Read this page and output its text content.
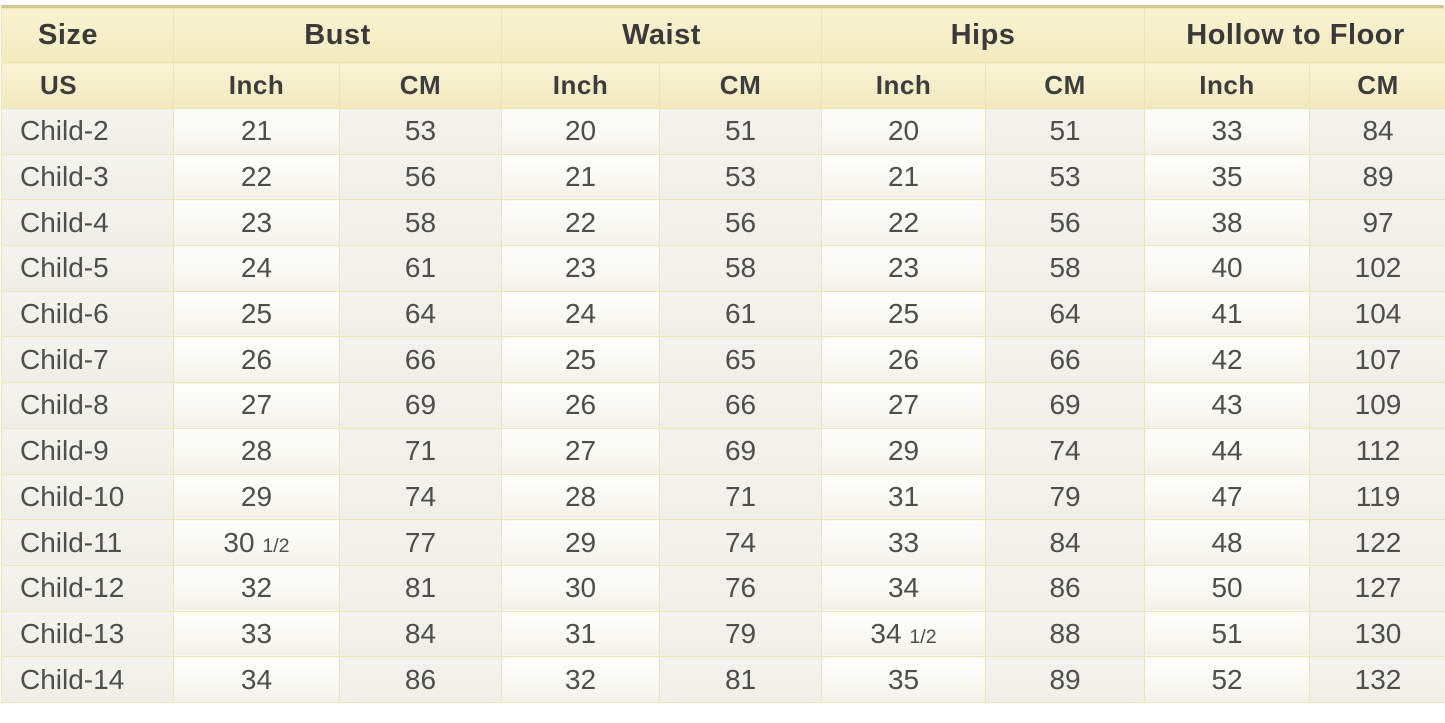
Size	Bust		Waist		Hips		Hollow to Floor	
US	Inch	CM	Inch	CM	Inch	CM	Inch	CM
Child-2	21	53	20	51	20	51	33	84
Child-3	22	56	21	53	21	53	35	89
Child-4	23	58	22	56	22	56	38	97
Child-5	24	61	23	58	23	58	40	102
Child-6	25	64	24	61	25	64	41	104
Child-7	26	66	25	65	26	66	42	107
Child-8	27	69	26	66	27	69	43	109
Child-9	28	71	27	69	29	74	44	112
Child-10	29	74	28	71	31	79	47	119
Child-11	30 1/2	77	29	74	33	84	48	122
Child-12	32	81	30	76	34	86	50	127
Child-13	33	84	31	79	34 1/2	88	51	130
Child-14	34	86	32	81	35	89	52	132
